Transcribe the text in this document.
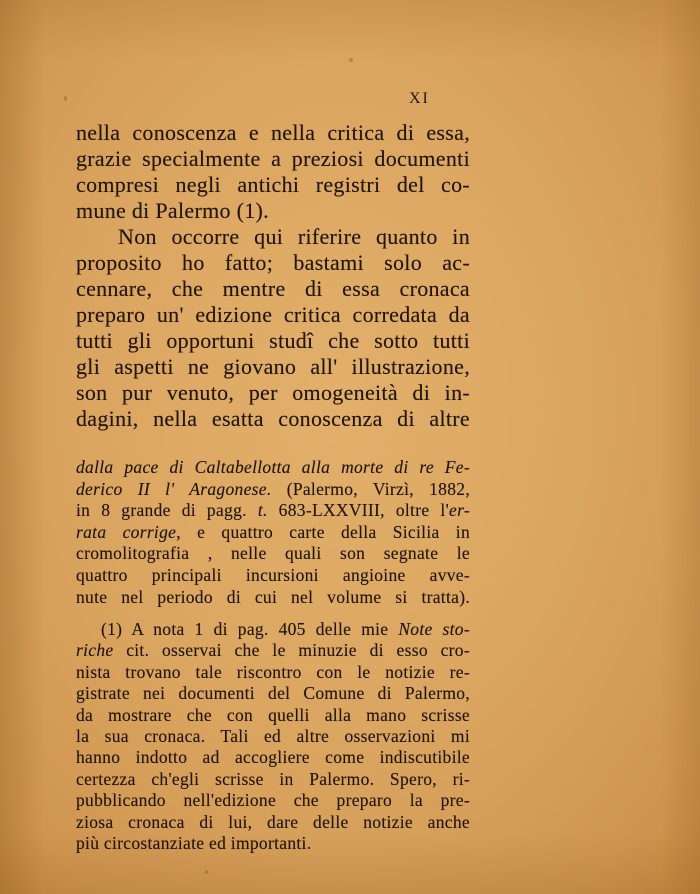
XI
nella conoscenza e nella critica di essa,
grazie specialmente a preziosi documenti
compresi negli antichi registri del co-
mune di Palermo (1).
Non occorre qui riferire quanto in
proposito ho fatto; bastami solo ac-
cennare, che mentre di essa cronaca
preparo un' edizione critica corredata da
tutti gli opportuni studî che sotto tutti
gli aspetti ne giovano all' illustrazione,
son pur venuto, per omogeneità di in-
dagini, nella esatta conoscenza di altre
dalla pace di Caltabellotta alla morte di re Fe-
derico II l' Aragonese. (Palermo, Virzì, 1882,
in 8 grande di pagg. t. 683-LXXVIII, oltre l'er-
rata corrige, e quattro carte della Sicilia in
cromolitografia , nelle quali son segnate le
quattro principali incursioni angioine avve-
nute nel periodo di cui nel volume si tratta).
(1) A nota 1 di pag. 405 delle mie Note sto-
riche cit. osservai che le minuzie di esso cro-
nista trovano tale riscontro con le notizie re-
gistrate nei documenti del Comune di Palermo,
da mostrare che con quelli alla mano scrisse
la sua cronaca. Tali ed altre osservazioni mi
hanno indotto ad accogliere come indiscutibile
certezza ch'egli scrisse in Palermo. Spero, ri-
pubblicando nell'edizione che preparo la pre-
ziosa cronaca di lui, dare delle notizie anche
più circostanziate ed importanti.
